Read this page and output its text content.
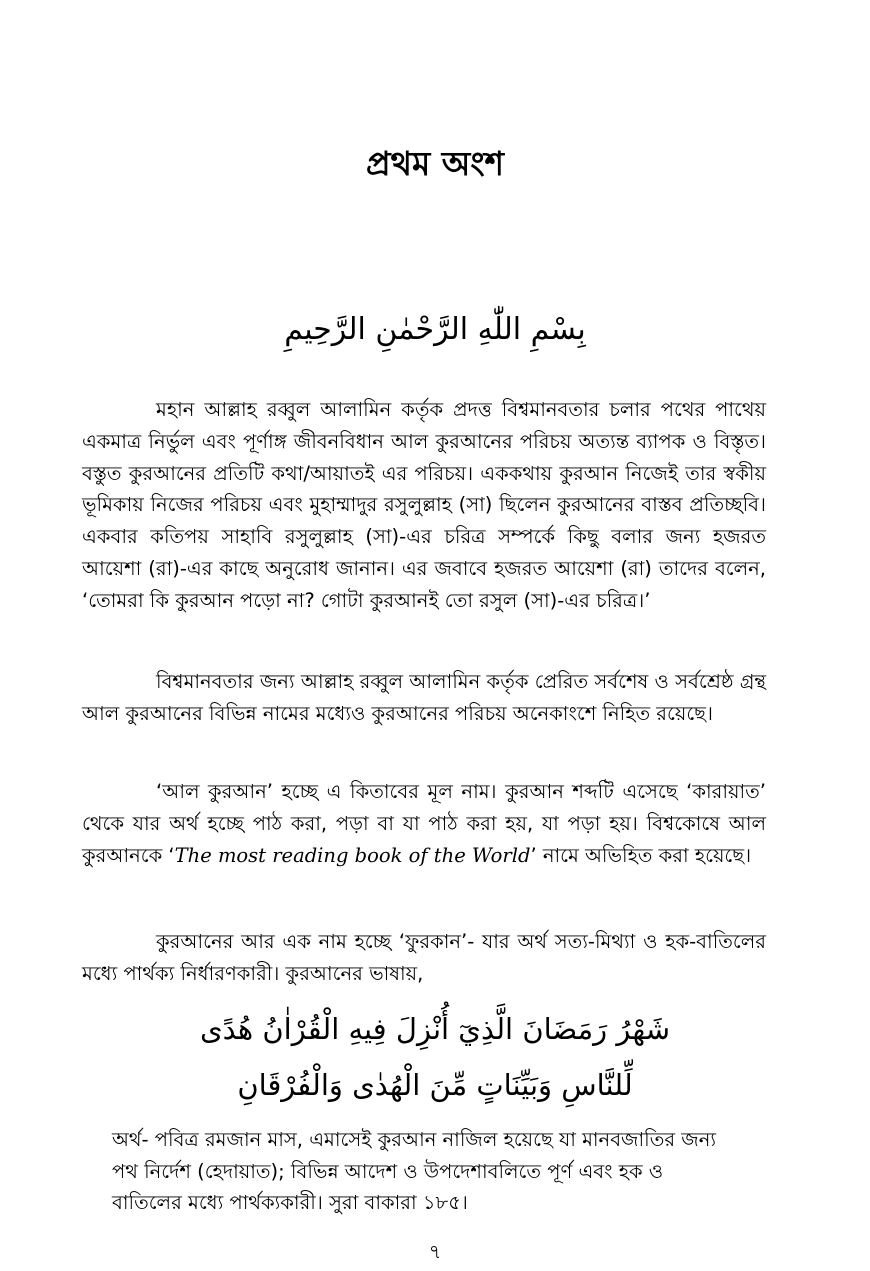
প্রথম অংশ
بِسْمِ اللّٰهِ الرَّحْمٰنِ الرَّحِيمِ

মহান আল্লাহ রব্বুল আলামিন কর্তৃক প্রদত্ত বিশ্বমানবতার চলার পথের পাথেয় একমাত্র নির্ভুল এবং পূর্ণাঙ্গ জীবনবিধান আল কুরআনের পরিচয় অত্যন্ত ব্যাপক ও বিস্তৃত। বস্তুত কুরআনের প্রতিটি কথা/আয়াতই এর পরিচয়। এককথায় কুরআন নিজেই তার স্বকীয় ভূমিকায় নিজের পরিচয় এবং মুহাম্মাদুর রসুলুল্লাহ (সা) ছিলেন কুরআনের বাস্তব প্রতিচ্ছবি। একবার কতিপয় সাহাবি রসুলুল্লাহ (সা)-এর চরিত্র সম্পর্কে কিছু বলার জন্য হজরত আয়েশা (রা)-এর কাছে অনুরোধ জানান। এর জবাবে হজরত আয়েশা (রা) তাদের বলেন, ‘তোমরা কি কুরআন পড়ো না? গোটা কুরআনই তো রসুল (সা)-এর চরিত্র।’

বিশ্বমানবতার জন্য আল্লাহ রব্বুল আলামিন কর্তৃক প্রেরিত সর্বশেষ ও সর্বশ্রেষ্ঠ গ্রন্থ আল কুরআনের বিভিন্ন নামের মধ্যেও কুরআনের পরিচয় অনেকাংশে নিহিত রয়েছে।

‘আল কুরআন’ হচ্ছে এ কিতাবের মূল নাম। কুরআন শব্দটি এসেছে ‘কারায়াত’ থেকে যার অর্থ হচ্ছে পাঠ করা, পড়া বা যা পাঠ করা হয়, যা পড়া হয়। বিশ্বকোষে আল কুরআনকে ‘The most reading book of the World’ নামে অভিহিত করা হয়েছে।

কুরআনের আর এক নাম হচ্ছে ‘ফুরকান’- যার অর্থ সত্য-মিথ্যা ও হক-বাতিলের মধ্যে পার্থক্য নির্ধারণকারী। কুরআনের ভাষায়,

شَهْرُ رَمَضَانَ الَّذِيٓ أُنْزِلَ فِيهِ الْقُرْاٰنُ هُدًى
لِّلنَّاسِ وَبَيِّنَاتٍ مِّنَ الْهُدٰى وَالْفُرْقَانِ

অর্থ- পবিত্র রমজান মাস, এমাসেই কুরআন নাজিল হয়েছে যা মানবজাতির জন্য পথ নির্দেশ (হেদায়াত); বিভিন্ন আদেশ ও উপদেশাবলিতে পূর্ণ এবং হক ও বাতিলের মধ্যে পার্থক্যকারী। সুরা বাকারা ১৮৫।

৭
